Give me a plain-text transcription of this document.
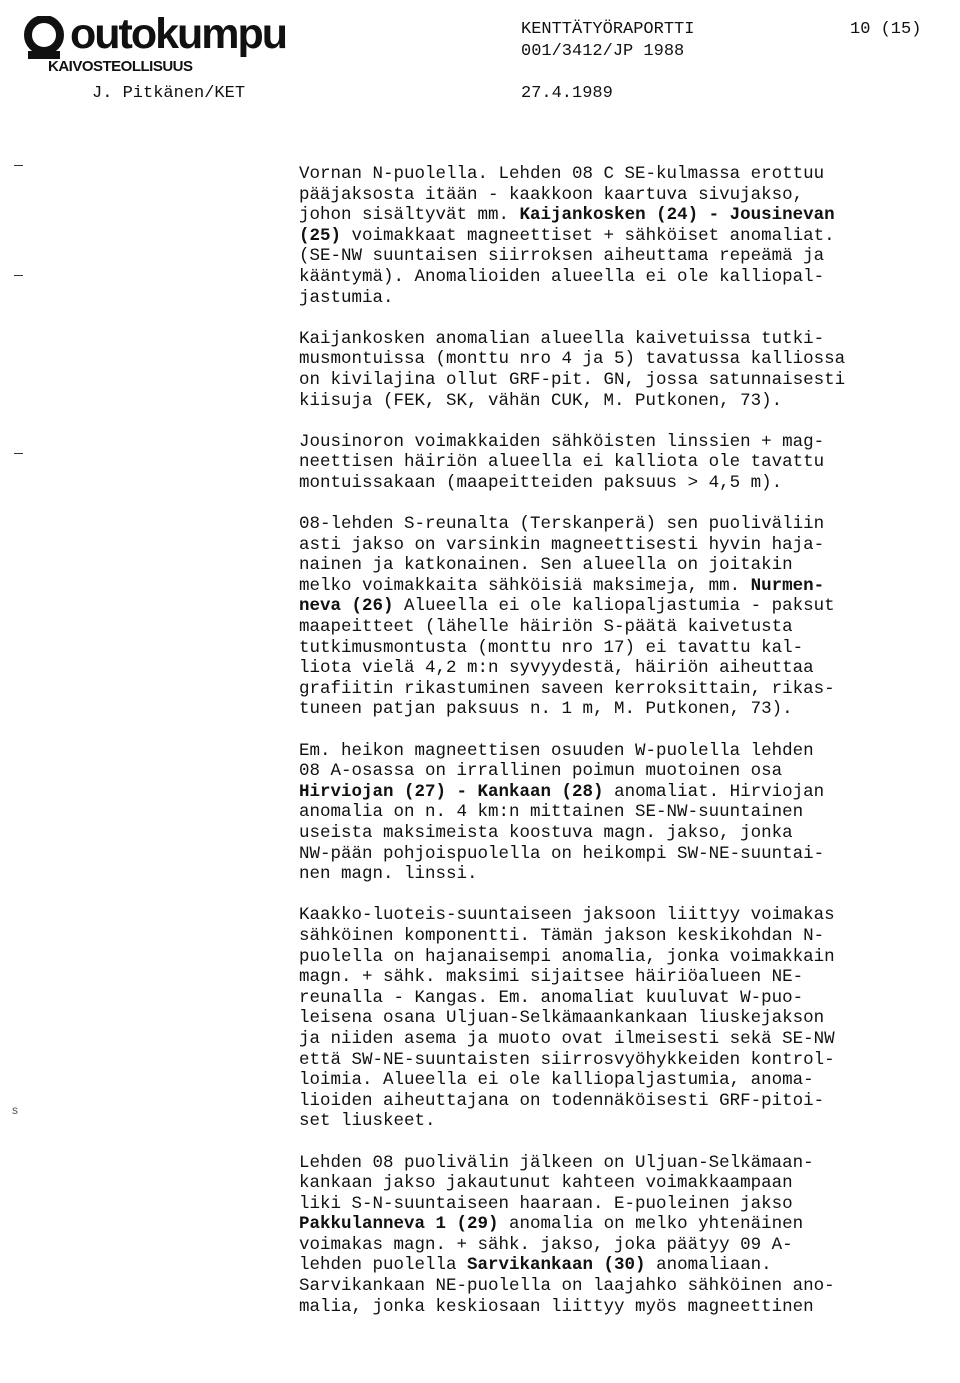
outokumpu
KAIVOSTEOLLISUUS
KENTTÄTYÖRAPORTTI	10 (15)
001/3412/JP 1988
J. Pitkänen/KET	27.4.1989
s

Vornan N-puolella. Lehden 08 C SE-kulmassa erottuu
pääjaksosta itään - kaakkoon kaartuva sivujakso,
johon sisältyvät mm. Kaijankosken (24) - Jousinevan
(25) voimakkaat magneettiset + sähköiset anomaliat.
(SE-NW suuntaisen siirroksen aiheuttama repeämä ja
kääntymä). Anomalioiden alueella ei ole kalliopal-
jastumia.

Kaijankosken anomalian alueella kaivetuissa tutki-
musmontuissa (monttu nro 4 ja 5) tavatussa kalliossa
on kivilajina ollut GRF-pit. GN, jossa satunnaisesti
kiisuja (FEK, SK, vähän CUK, M. Putkonen, 73).

Jousinoron voimakkaiden sähköisten linssien + mag-
neettisen häiriön alueella ei kalliota ole tavattu
montuissakaan (maapeitteiden paksuus > 4,5 m).

08-lehden S-reunalta (Terskanperä) sen puoliväliin
asti jakso on varsinkin magneettisesti hyvin haja-
nainen ja katkonainen. Sen alueella on joitakin
melko voimakkaita sähköisiä maksimeja, mm. Nurmen-
neva (26) Alueella ei ole kaliopaljastumia - paksut
maapeitteet (lähelle häiriön S-päätä kaivetusta
tutkimusmontusta (monttu nro 17) ei tavattu kal-
liota vielä 4,2 m:n syvyydestä, häiriön aiheuttaa
grafiitin rikastuminen saveen kerroksittain, rikas-
tuneen patjan paksuus n. 1 m, M. Putkonen, 73).

Em. heikon magneettisen osuuden W-puolella lehden
08 A-osassa on irrallinen poimun muotoinen osa
Hirviojan (27) - Kankaan (28) anomaliat. Hirviojan
anomalia on n. 4 km:n mittainen SE-NW-suuntainen
useista maksimeista koostuva magn. jakso, jonka
NW-pään pohjoispuolella on heikompi SW-NE-suuntai-
nen magn. linssi.

Kaakko-luoteis-suuntaiseen jaksoon liittyy voimakas
sähköinen komponentti. Tämän jakson keskikohdan N-
puolella on hajanaisempi anomalia, jonka voimakkain
magn. + sähk. maksimi sijaitsee häiriöalueen NE-
reunalla - Kangas. Em. anomaliat kuuluvat W-puo-
leisena osana Uljuan-Selkämaankankaan liuskejakson
ja niiden asema ja muoto ovat ilmeisesti sekä SE-NW
että SW-NE-suuntaisten siirrosvyöhykkeiden kontrol-
loimia. Alueella ei ole kalliopaljastumia, anoma-
lioiden aiheuttajana on todennäköisesti GRF-pitoi-
set liuskeet.

Lehden 08 puolivälin jälkeen on Uljuan-Selkämaan-
kankaan jakso jakautunut kahteen voimakkaampaan
liki S-N-suuntaiseen haaraan. E-puoleinen jakso
Pakkulanneva 1 (29) anomalia on melko yhtenäinen
voimakas magn. + sähk. jakso, joka päätyy 09 A-
lehden puolella Sarvikankaan (30) anomaliaan.
Sarvikankaan NE-puolella on laajahko sähköinen ano-
malia, jonka keskiosaan liittyy myös magneettinen
